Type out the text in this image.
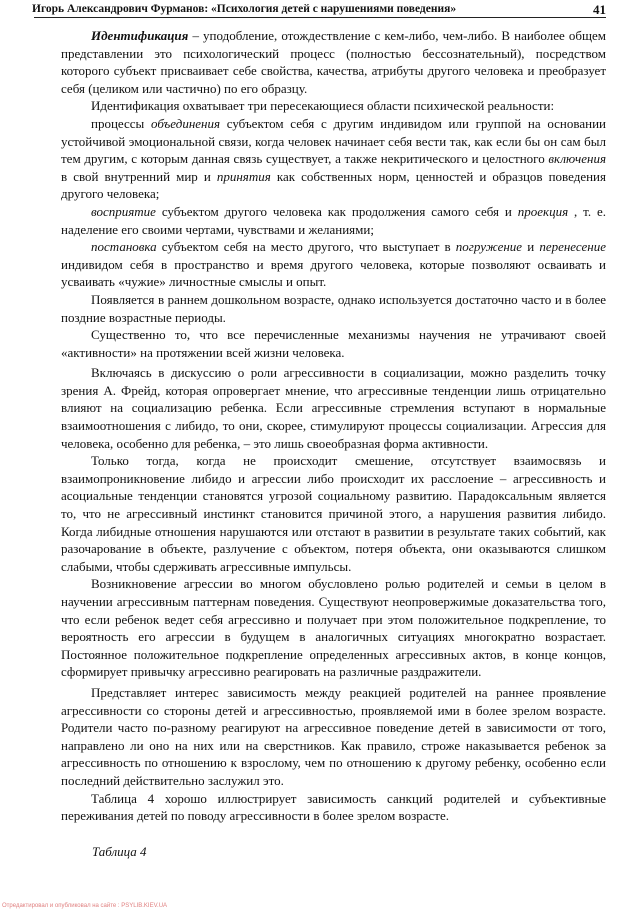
Игорь Александрович Фурманов: «Психология детей с нарушениями поведения»	41

Идентификация – уподобление, отождествление с кем-либо, чем-либо. В наиболее общем представлении это психологический процесс (полностью бессознательный), посредством которого субъект присваивает себе свойства, качества, атрибуты другого человека и преобразует себя (целиком или частично) по его образцу.

Идентификация охватывает три пересекающиеся области психической реальности:

процессы объединения субъектом себя с другим индивидом или группой на основании устойчивой эмоциональной связи, когда человек начинает себя вести так, как если бы он сам был тем другим, с которым данная связь существует, а также некритического и целостного включения в свой внутренний мир и принятия как собственных норм, ценностей и образцов поведения другого человека;

восприятие субъектом другого человека как продолжения самого себя и проекция , т. е. наделение его своими чертами, чувствами и желаниями;

постановка субъектом себя на место другого, что выступает в погружение и перенесение индивидом себя в пространство и время другого человека, которые позволяют осваивать и усваивать «чужие» личностные смыслы и опыт.

Появляется в раннем дошкольном возрасте, однако используется достаточно часто и в более поздние возрастные периоды.

Существенно то, что все перечисленные механизмы научения не утрачивают своей «активности» на протяжении всей жизни человека.

Включаясь в дискуссию о роли агрессивности в социализации, можно разделить точку зрения А. Фрейд, которая опровергает мнение, что агрессивные тенденции лишь отрицательно влияют на социализацию ребенка. Если агрессивные стремления вступают в нормальные взаимоотношения с либидо, то они, скорее, стимулируют процессы социализации. Агрессия для человека, особенно для ребенка, – это лишь своеобразная форма активности.

Только тогда, когда не происходит смешение, отсутствует взаимосвязь и взаимопроникновение либидо и агрессии либо происходит их расслоение – агрессивность и асоциальные тенденции становятся угрозой социальному развитию. Парадоксальным является то, что не агрессивный инстинкт становится причиной этого, а нарушения развития либидо. Когда либидные отношения нарушаются или отстают в развитии в результате таких событий, как разочарование в объекте, разлучение с объектом, потеря объекта, они оказываются слишком слабыми, чтобы сдерживать агрессивные импульсы.

Возникновение агрессии во многом обусловлено ролью родителей и семьи в целом в научении агрессивным паттернам поведения. Существуют неопровержимые доказательства того, что если ребенок ведет себя агрессивно и получает при этом положительное подкрепление, то вероятность его агрессии в будущем в аналогичных ситуациях многократно возрастает. Постоянное положительное подкрепление определенных агрессивных актов, в конце концов, сформирует привычку агрессивно реагировать на различные раздражители.

Представляет интерес зависимость между реакцией родителей на раннее проявление агрессивности со стороны детей и агрессивностью, проявляемой ими в более зрелом возрасте. Родители часто по-разному реагируют на агрессивное поведение детей в зависимости от того, направлено ли оно на них или на сверстников. Как правило, строже наказывается ребенок за агрессивность по отношению к взрослому, чем по отношению к другому ребенку, особенно если последний действительно заслужил это.

Таблица 4 хорошо иллюстрирует зависимость санкций родителей и субъективные переживания детей по поводу агрессивности в более зрелом возрасте.

Таблица 4
Отредактировал и опубликовал на сайте : PSYLIB.KIEV.UA
